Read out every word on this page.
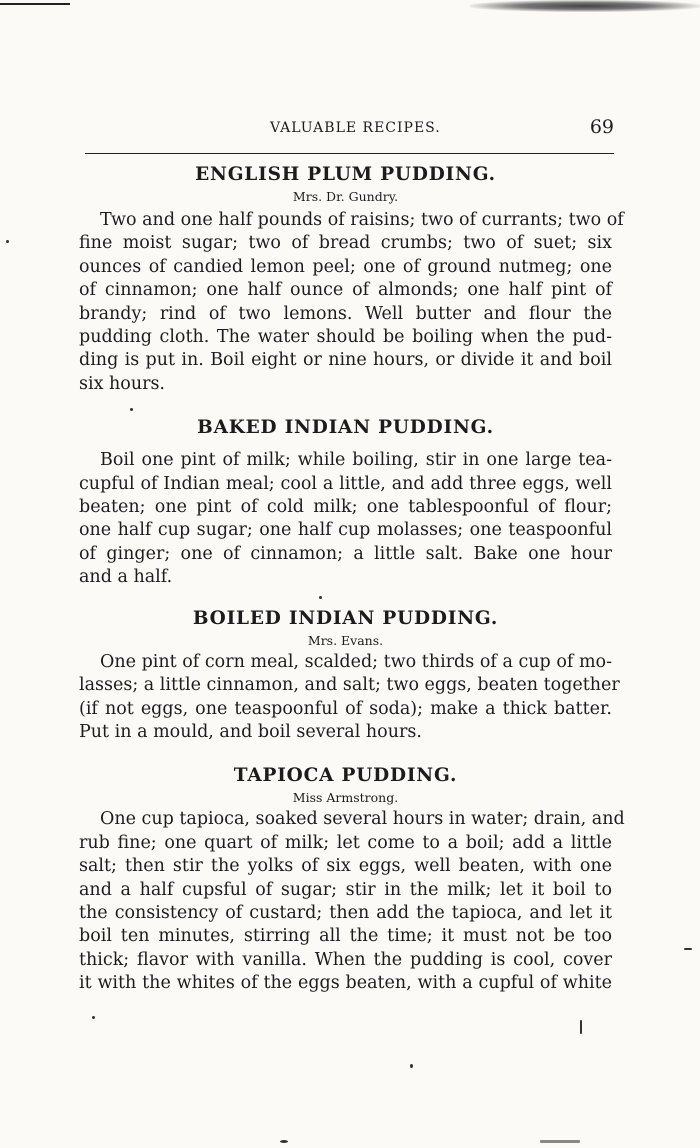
VALUABLE RECIPES.	69
ENGLISH PLUM PUDDING.

Mrs. Dr. Gundry.

Two and one half pounds of raisins; two of currants; two of
fine moist sugar; two of bread crumbs; two of suet; six
ounces of candied lemon peel; one of ground nutmeg; one
of cinnamon; one half ounce of almonds; one half pint of
brandy; rind of two lemons. Well butter and flour the
pudding cloth. The water should be boiling when the pud-
ding is put in. Boil eight or nine hours, or divide it and boil
six hours.

BAKED INDIAN PUDDING.

Boil one pint of milk; while boiling, stir in one large tea-
cupful of Indian meal; cool a little, and add three eggs, well
beaten; one pint of cold milk; one tablespoonful of flour;
one half cup sugar; one half cup molasses; one teaspoonful
of ginger; one of cinnamon; a little salt. Bake one hour
and a half.

BOILED INDIAN PUDDING.

Mrs. Evans.

One pint of corn meal, scalded; two thirds of a cup of mo-
lasses; a little cinnamon, and salt; two eggs, beaten together
(if not eggs, one teaspoonful of soda); make a thick batter.
Put in a mould, and boil several hours.

TAPIOCA PUDDING.

Miss Armstrong.

One cup tapioca, soaked several hours in water; drain, and
rub fine; one quart of milk; let come to a boil; add a little
salt; then stir the yolks of six eggs, well beaten, with one
and a half cupsful of sugar; stir in the milk; let it boil to
the consistency of custard; then add the tapioca, and let it
boil ten minutes, stirring all the time; it must not be too
thick; flavor with vanilla. When the pudding is cool, cover
it with the whites of the eggs beaten, with a cupful of white
